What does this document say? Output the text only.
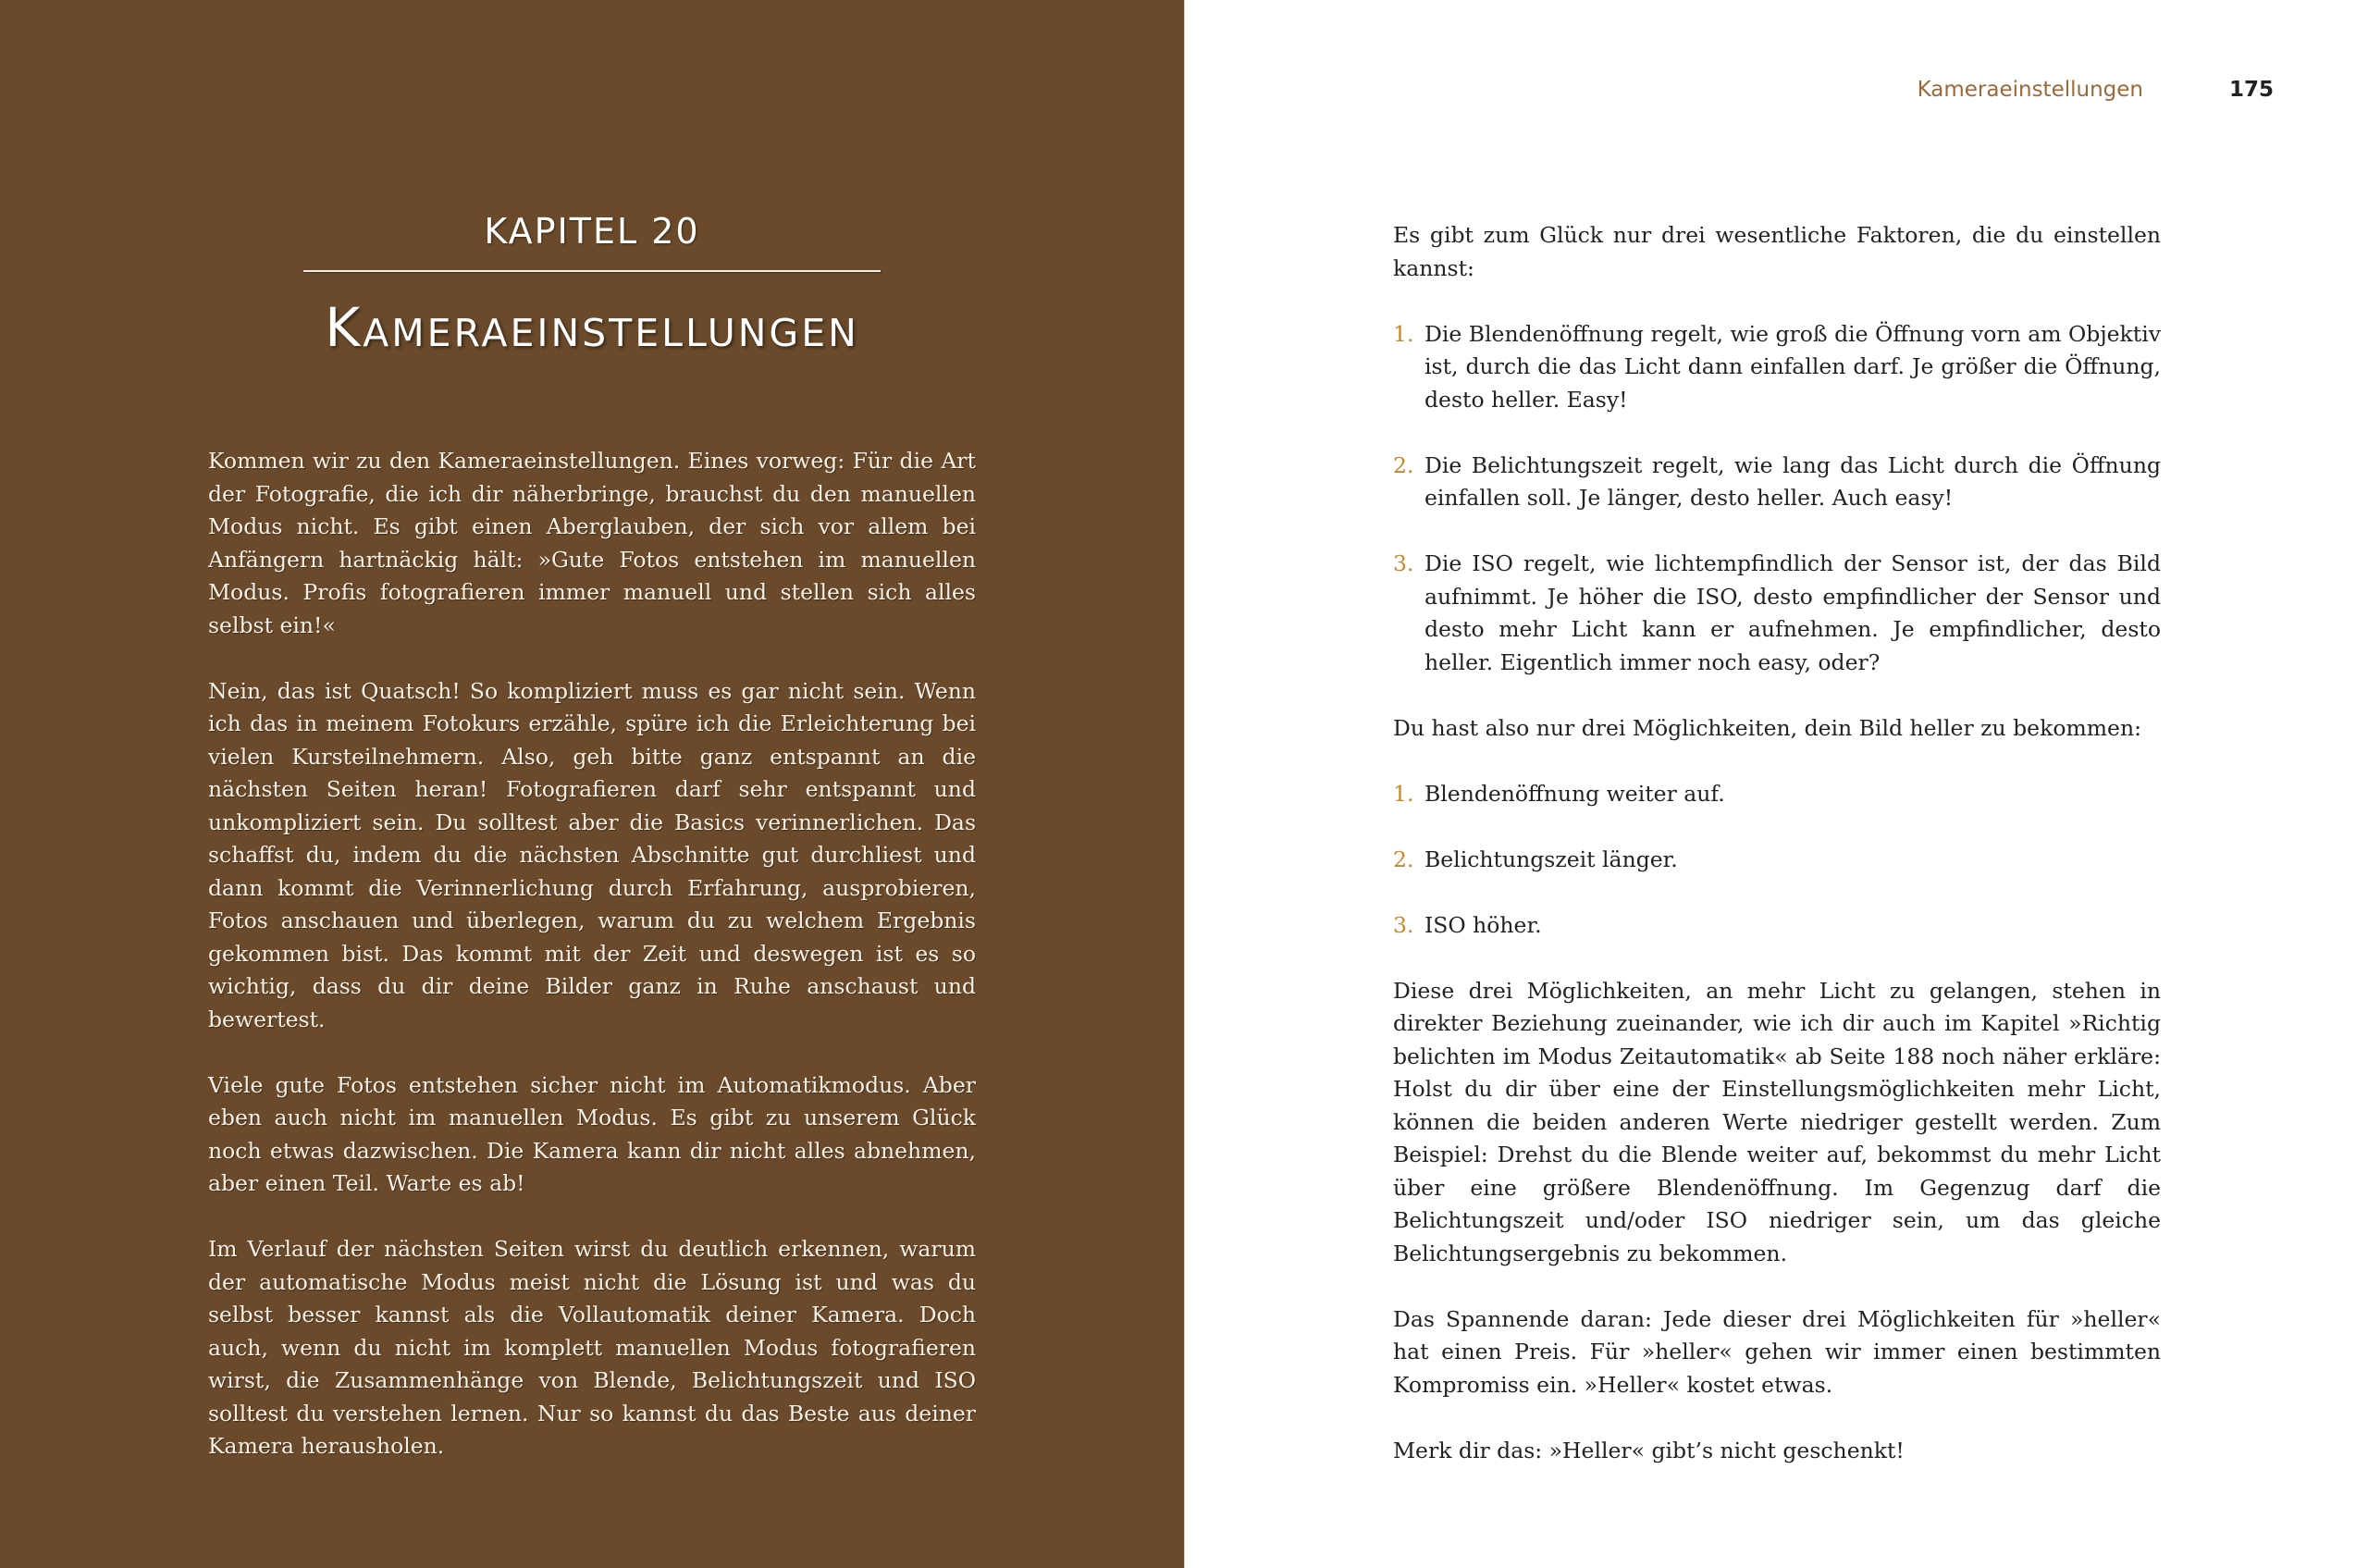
KAPITEL 20
Kameraeinstellungen

Kommen wir zu den Kameraeinstellungen. Eines vorweg: Für die Art der Fotografie, die ich dir näherbringe, brauchst du den manuellen Modus nicht. Es gibt einen Aberglauben, der sich vor allem bei Anfängern hartnäckig hält: »Gute Fotos entstehen im manuellen Modus. Profis fotografieren immer manuell und stellen sich alles selbst ein!«

Nein, das ist Quatsch! So kompliziert muss es gar nicht sein. Wenn ich das in meinem Fotokurs erzähle, spüre ich die Erleichterung bei vielen Kursteilnehmern. Also, geh bitte ganz entspannt an die nächsten Seiten heran! Fotografieren darf sehr entspannt und unkompliziert sein. Du solltest aber die Basics verinnerlichen. Das schaffst du, indem du die nächsten Abschnitte gut durchliest und dann kommt die Verinnerlichung durch Erfahrung, ausprobieren, Fotos anschauen und überlegen, warum du zu welchem Ergebnis gekommen bist. Das kommt mit der Zeit und deswegen ist es so wichtig, dass du dir deine Bilder ganz in Ruhe anschaust und bewertest.

Viele gute Fotos entstehen sicher nicht im Automatikmodus. Aber eben auch nicht im manuellen Modus. Es gibt zu unserem Glück noch etwas dazwischen. Die Kamera kann dir nicht alles abnehmen, aber einen Teil. Warte es ab!

Im Verlauf der nächsten Seiten wirst du deutlich erkennen, warum der automatische Modus meist nicht die Lösung ist und was du selbst besser kannst als die Vollautomatik deiner Kamera. Doch auch, wenn du nicht im komplett manuellen Modus fotografieren wirst, die Zusammenhänge von Blende, Belichtungszeit und ISO solltest du verstehen lernen. Nur so kannst du das Beste aus deiner Kamera herausholen.

Kameraeinstellungen	175

Es gibt zum Glück nur drei wesentliche Faktoren, die du einstellen kannst:

1. Die Blendenöffnung regelt, wie groß die Öffnung vorn am Objektiv ist, durch die das Licht dann einfallen darf. Je größer die Öffnung, desto heller. Easy!
2. Die Belichtungszeit regelt, wie lang das Licht durch die Öffnung einfallen soll. Je länger, desto heller. Auch easy!
3. Die ISO regelt, wie lichtempfindlich der Sensor ist, der das Bild aufnimmt. Je höher die ISO, desto empfindlicher der Sensor und desto mehr Licht kann er aufnehmen. Je empfindlicher, desto heller. Eigentlich immer noch easy, oder?

Du hast also nur drei Möglichkeiten, dein Bild heller zu bekommen:

1. Blendenöffnung weiter auf.
2. Belichtungszeit länger.
3. ISO höher.

Diese drei Möglichkeiten, an mehr Licht zu gelangen, stehen in direkter Beziehung zueinander, wie ich dir auch im Kapitel »Richtig belichten im Modus Zeitautomatik« ab Seite 188 noch näher erkläre: Holst du dir über eine der Einstellungsmöglichkeiten mehr Licht, können die beiden anderen Werte niedriger gestellt werden. Zum Beispiel: Drehst du die Blende weiter auf, bekommst du mehr Licht über eine größere Blendenöffnung. Im Gegenzug darf die Belichtungszeit und/oder ISO niedriger sein, um das gleiche Belichtungsergebnis zu bekommen.

Das Spannende daran: Jede dieser drei Möglichkeiten für »heller« hat einen Preis. Für »heller« gehen wir immer einen bestimmten Kompromiss ein. »Heller« kostet etwas.

Merk dir das: »Heller« gibt’s nicht geschenkt!
